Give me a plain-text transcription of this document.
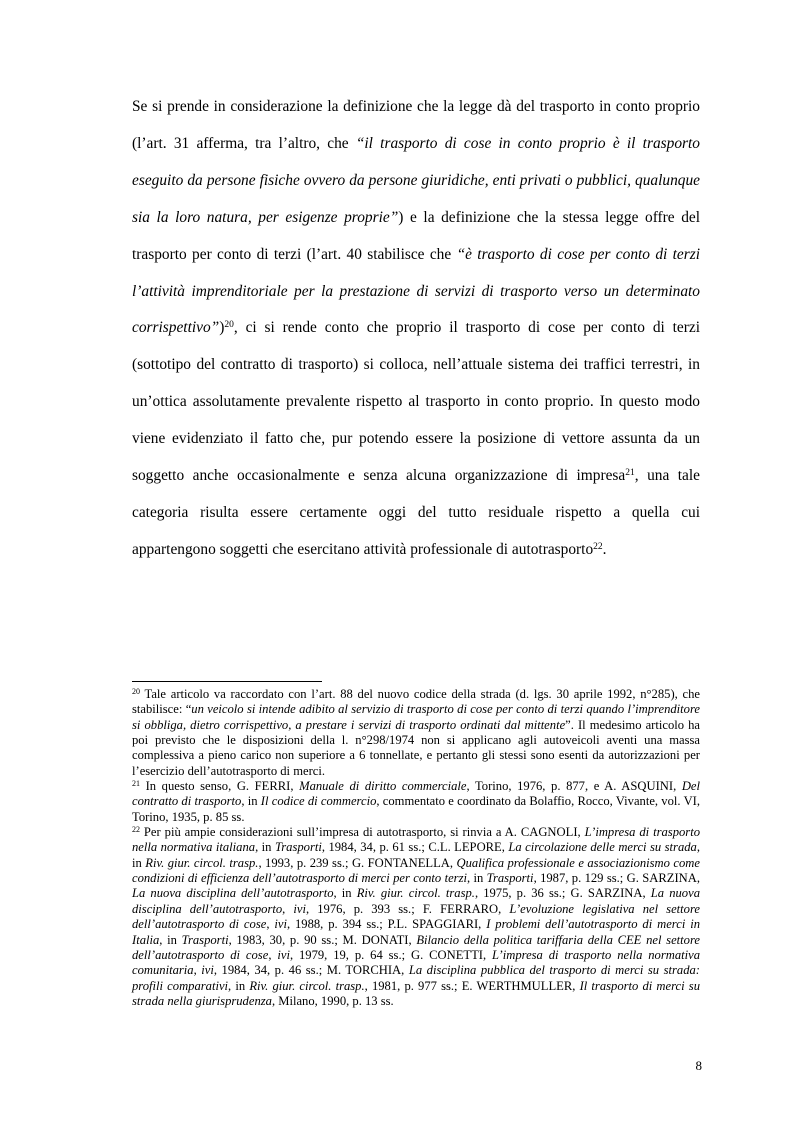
Se si prende in considerazione la definizione che la legge dà del trasporto in conto proprio (l’art. 31 afferma, tra l’altro, che “il trasporto di cose in conto proprio è il trasporto eseguito da persone fisiche ovvero da persone giuridiche, enti privati o pubblici, qualunque sia la loro natura, per esigenze proprie”) e la definizione che la stessa legge offre del trasporto per conto di terzi (l’art. 40 stabilisce che “è trasporto di cose per conto di terzi l’attività imprenditoriale per la prestazione di servizi di trasporto verso un determinato corrispettivo”)$^{20}$, ci si rende conto che proprio il trasporto di cose per conto di terzi (sottotipo del contratto di trasporto) si colloca, nell’attuale sistema dei traffici terrestri, in un’ottica assolutamente prevalente rispetto al trasporto in conto proprio. In questo modo viene evidenziato il fatto che, pur potendo essere la posizione di vettore assunta da un soggetto anche occasionalmente e senza alcuna organizzazione di impresa$^{21}$, una tale categoria risulta essere certamente oggi del tutto residuale rispetto a quella cui appartengono soggetti che esercitano attività professionale di autotrasporto$^{22}$.

$^{20}$ Tale articolo va raccordato con l’art. 88 del nuovo codice della strada (d. lgs. 30 aprile 1992, n°285), che stabilisce: “un veicolo si intende adibito al servizio di trasporto di cose per conto di terzi quando l’imprenditore si obbliga, dietro corrispettivo, a prestare i servizi di trasporto ordinati dal mittente”. Il medesimo articolo ha poi previsto che le disposizioni della l. n°298/1974 non si applicano agli autoveicoli aventi una massa complessiva a pieno carico non superiore a 6 tonnellate, e pertanto gli stessi sono esenti da autorizzazioni per l’esercizio dell’autotrasporto di merci.

$^{21}$ In questo senso, G. FERRI, Manuale di diritto commerciale, Torino, 1976, p. 877, e A. ASQUINI, Del contratto di trasporto, in Il codice di commercio, commentato e coordinato da Bolaffio, Rocco, Vivante, vol. VI, Torino, 1935, p. 85 ss.

$^{22}$ Per più ampie considerazioni sull’impresa di autotrasporto, si rinvia a A. CAGNOLI, L’impresa di trasporto nella normativa italiana, in Trasporti, 1984, 34, p. 61 ss.; C.L. LEPORE, La circolazione delle merci su strada, in Riv. giur. circol. trasp., 1993, p. 239 ss.; G. FONTANELLA, Qualifica professionale e associazionismo come condizioni di efficienza dell’autotrasporto di merci per conto terzi, in Trasporti, 1987, p. 129 ss.; G. SARZINA, La nuova disciplina dell’autotrasporto, in Riv. giur. circol. trasp., 1975, p. 36 ss.; G. SARZINA, La nuova disciplina dell’autotrasporto, ivi, 1976, p. 393 ss.; F. FERRARO, L’evoluzione legislativa nel settore dell’autotrasporto di cose, ivi, 1988, p. 394 ss.; P.L. SPAGGIARI, I problemi dell’autotrasporto di merci in Italia, in Trasporti, 1983, 30, p. 90 ss.; M. DONATI, Bilancio della politica tariffaria della CEE nel settore dell’autotrasporto di cose, ivi, 1979, 19, p. 64 ss.; G. CONETTI, L’impresa di trasporto nella normativa comunitaria, ivi, 1984, 34, p. 46 ss.; M. TORCHIA, La disciplina pubblica del trasporto di merci su strada: profili comparativi, in Riv. giur. circol. trasp., 1981, p. 977 ss.; E. WERTHMULLER, Il trasporto di merci su strada nella giurisprudenza, Milano, 1990, p. 13 ss.

8
